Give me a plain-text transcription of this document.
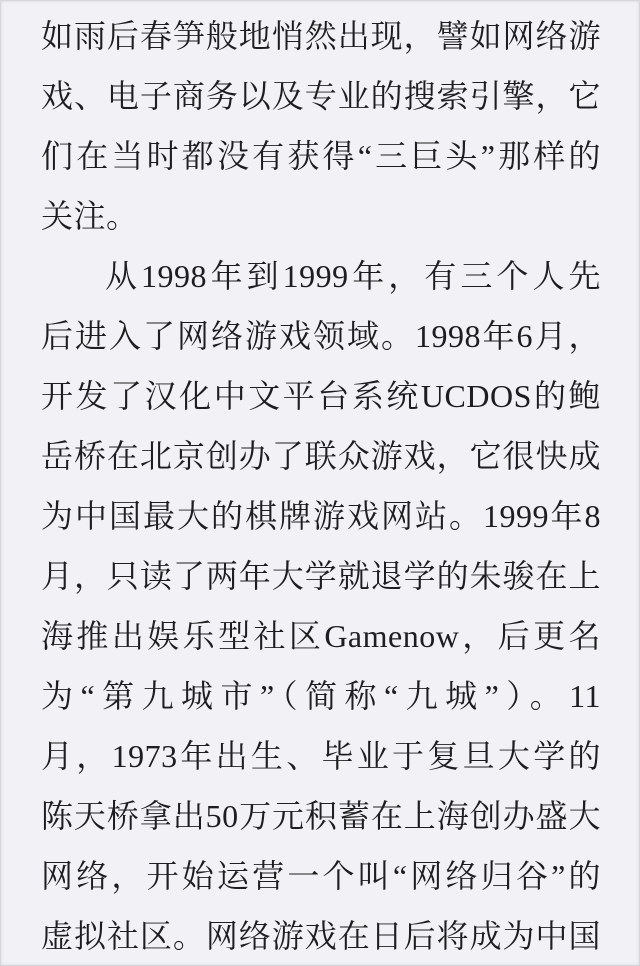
如雨后春笋般地悄然出现，譬如网络游
戏、电子商务以及专业的搜索引擎，它
们在当时都没有获得“三巨头”那样的
关注。
从1998年到1999年，有三个人先
后进入了网络游戏领域。1998年6月，
开发了汉化中文平台系统UCDOS的鲍
岳桥在北京创办了联众游戏，它很快成
为中国最大的棋牌游戏网站。1999年8
月，只读了两年大学就退学的朱骏在上
海推出娱乐型社区Gamenow，后更名
为“第九城市”（简称“九城”）。11
月，1973年出生、毕业于复旦大学的
陈天桥拿出50万元积蓄在上海创办盛大
网络，开始运营一个叫“网络归谷”的
虚拟社区。网络游戏在日后将成为中国
